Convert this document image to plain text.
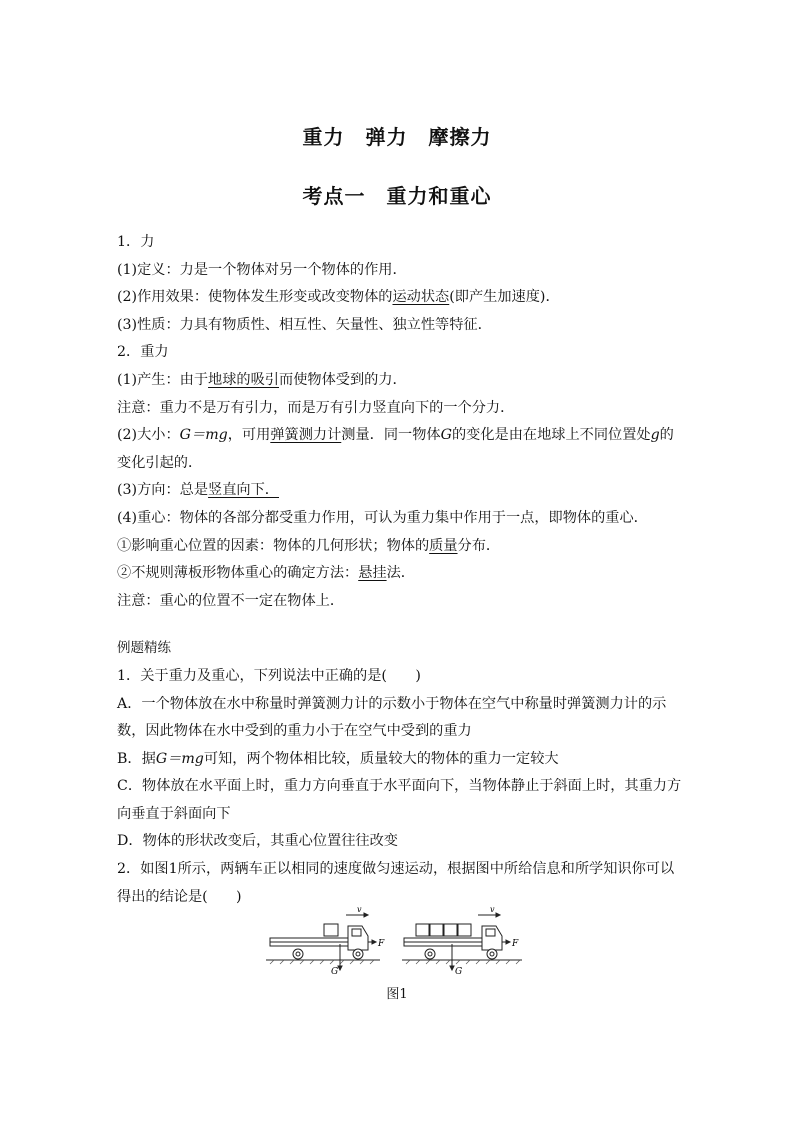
重力　弹力　摩擦力
考点一　重力和重心
1．力
(1)定义：力是一个物体对另一个物体的作用．
(2)作用效果：使物体发生形变或改变物体的运动状态(即产生加速度)．
(3)性质：力具有物质性、相互性、矢量性、独立性等特征．
2．重力
(1)产生：由于地球的吸引而使物体受到的力．
注意：重力不是万有引力，而是万有引力竖直向下的一个分力．
(2)大小：G＝mg，可用弹簧测力计测量．同一物体G的变化是由在地球上不同位置处g的变化引起的．
(3)方向：总是竖直向下．
(4)重心：物体的各部分都受重力作用，可认为重力集中作用于一点，即物体的重心．
①影响重心位置的因素：物体的几何形状；物体的质量分布．
②不规则薄板形物体重心的确定方法：悬挂法．
注意：重心的位置不一定在物体上．
例题精练
1．关于重力及重心，下列说法中正确的是(　　)
A．一个物体放在水中称量时弹簧测力计的示数小于物体在空气中称量时弹簧测力计的示数，因此物体在水中受到的重力小于在空气中受到的重力
B．据G＝mg可知，两个物体相比较，质量较大的物体的重力一定较大
C．物体放在水平面上时，重力方向垂直于水平面向下，当物体静止于斜面上时，其重力方向垂直于斜面向下
D．物体的形状改变后，其重心位置往往改变
2．如图1所示，两辆车正以相同的速度做匀速运动，根据图中所给信息和所学知识你可以得出的结论是(　　)
v
F
G
v
F
G
图1
